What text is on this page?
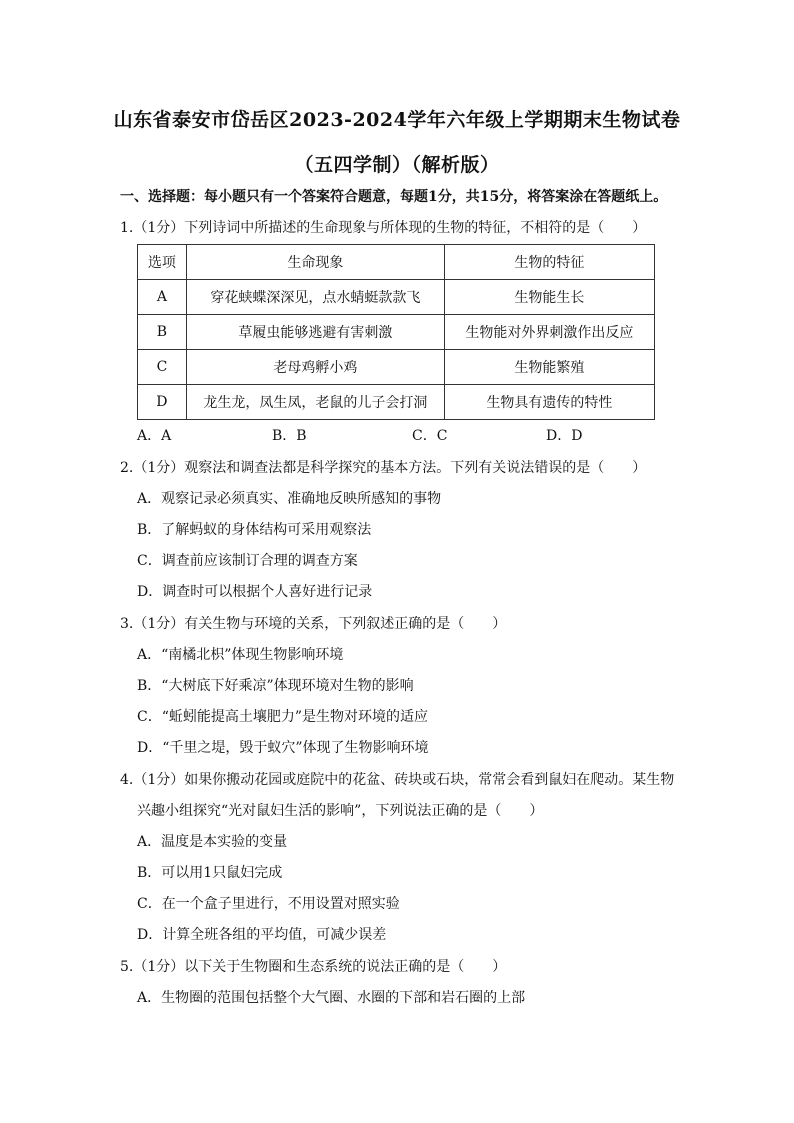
山东省泰安市岱岳区2023-2024学年六年级上学期期末生物试卷
（五四学制）（解析版）
一、选择题：每小题只有一个答案符合题意，每题1分，共15分，将答案涂在答题纸上。
1.（1分）下列诗词中所描述的生命现象与所体现的生物的特征，不相符的是（　　）
选项	生命现象	生物的特征
A	穿花蛱蝶深深见，点水蜻蜓款款飞	生物能生长
B	草履虫能够逃避有害刺激	生物能对外界刺激作出反应
C	老母鸡孵小鸡	生物能繁殖
D	龙生龙，凤生凤，老鼠的儿子会打洞	生物具有遗传的特性
A．A	B．B	C．C	D．D
2.（1分）观察法和调查法都是科学探究的基本方法。下列有关说法错误的是（　　）
A．观察记录必须真实、准确地反映所感知的事物
B．了解蚂蚁的身体结构可采用观察法
C．调查前应该制订合理的调查方案
D．调查时可以根据个人喜好进行记录
3.（1分）有关生物与环境的关系，下列叙述正确的是（　　）
A．“南橘北枳”体现生物影响环境
B．“大树底下好乘凉”体现环境对生物的影响
C．“蚯蚓能提高土壤肥力”是生物对环境的适应
D．“千里之堤，毁于蚁穴”体现了生物影响环境
4.（1分）如果你搬动花园或庭院中的花盆、砖块或石块，常常会看到鼠妇在爬动。某生物
兴趣小组探究“光对鼠妇生活的影响”，下列说法正确的是（　　）
A．温度是本实验的变量
B．可以用1只鼠妇完成
C．在一个盒子里进行，不用设置对照实验
D．计算全班各组的平均值，可减少误差
5.（1分）以下关于生物圈和生态系统的说法正确的是（　　）
A．生物圈的范围包括整个大气圈、水圈的下部和岩石圈的上部
